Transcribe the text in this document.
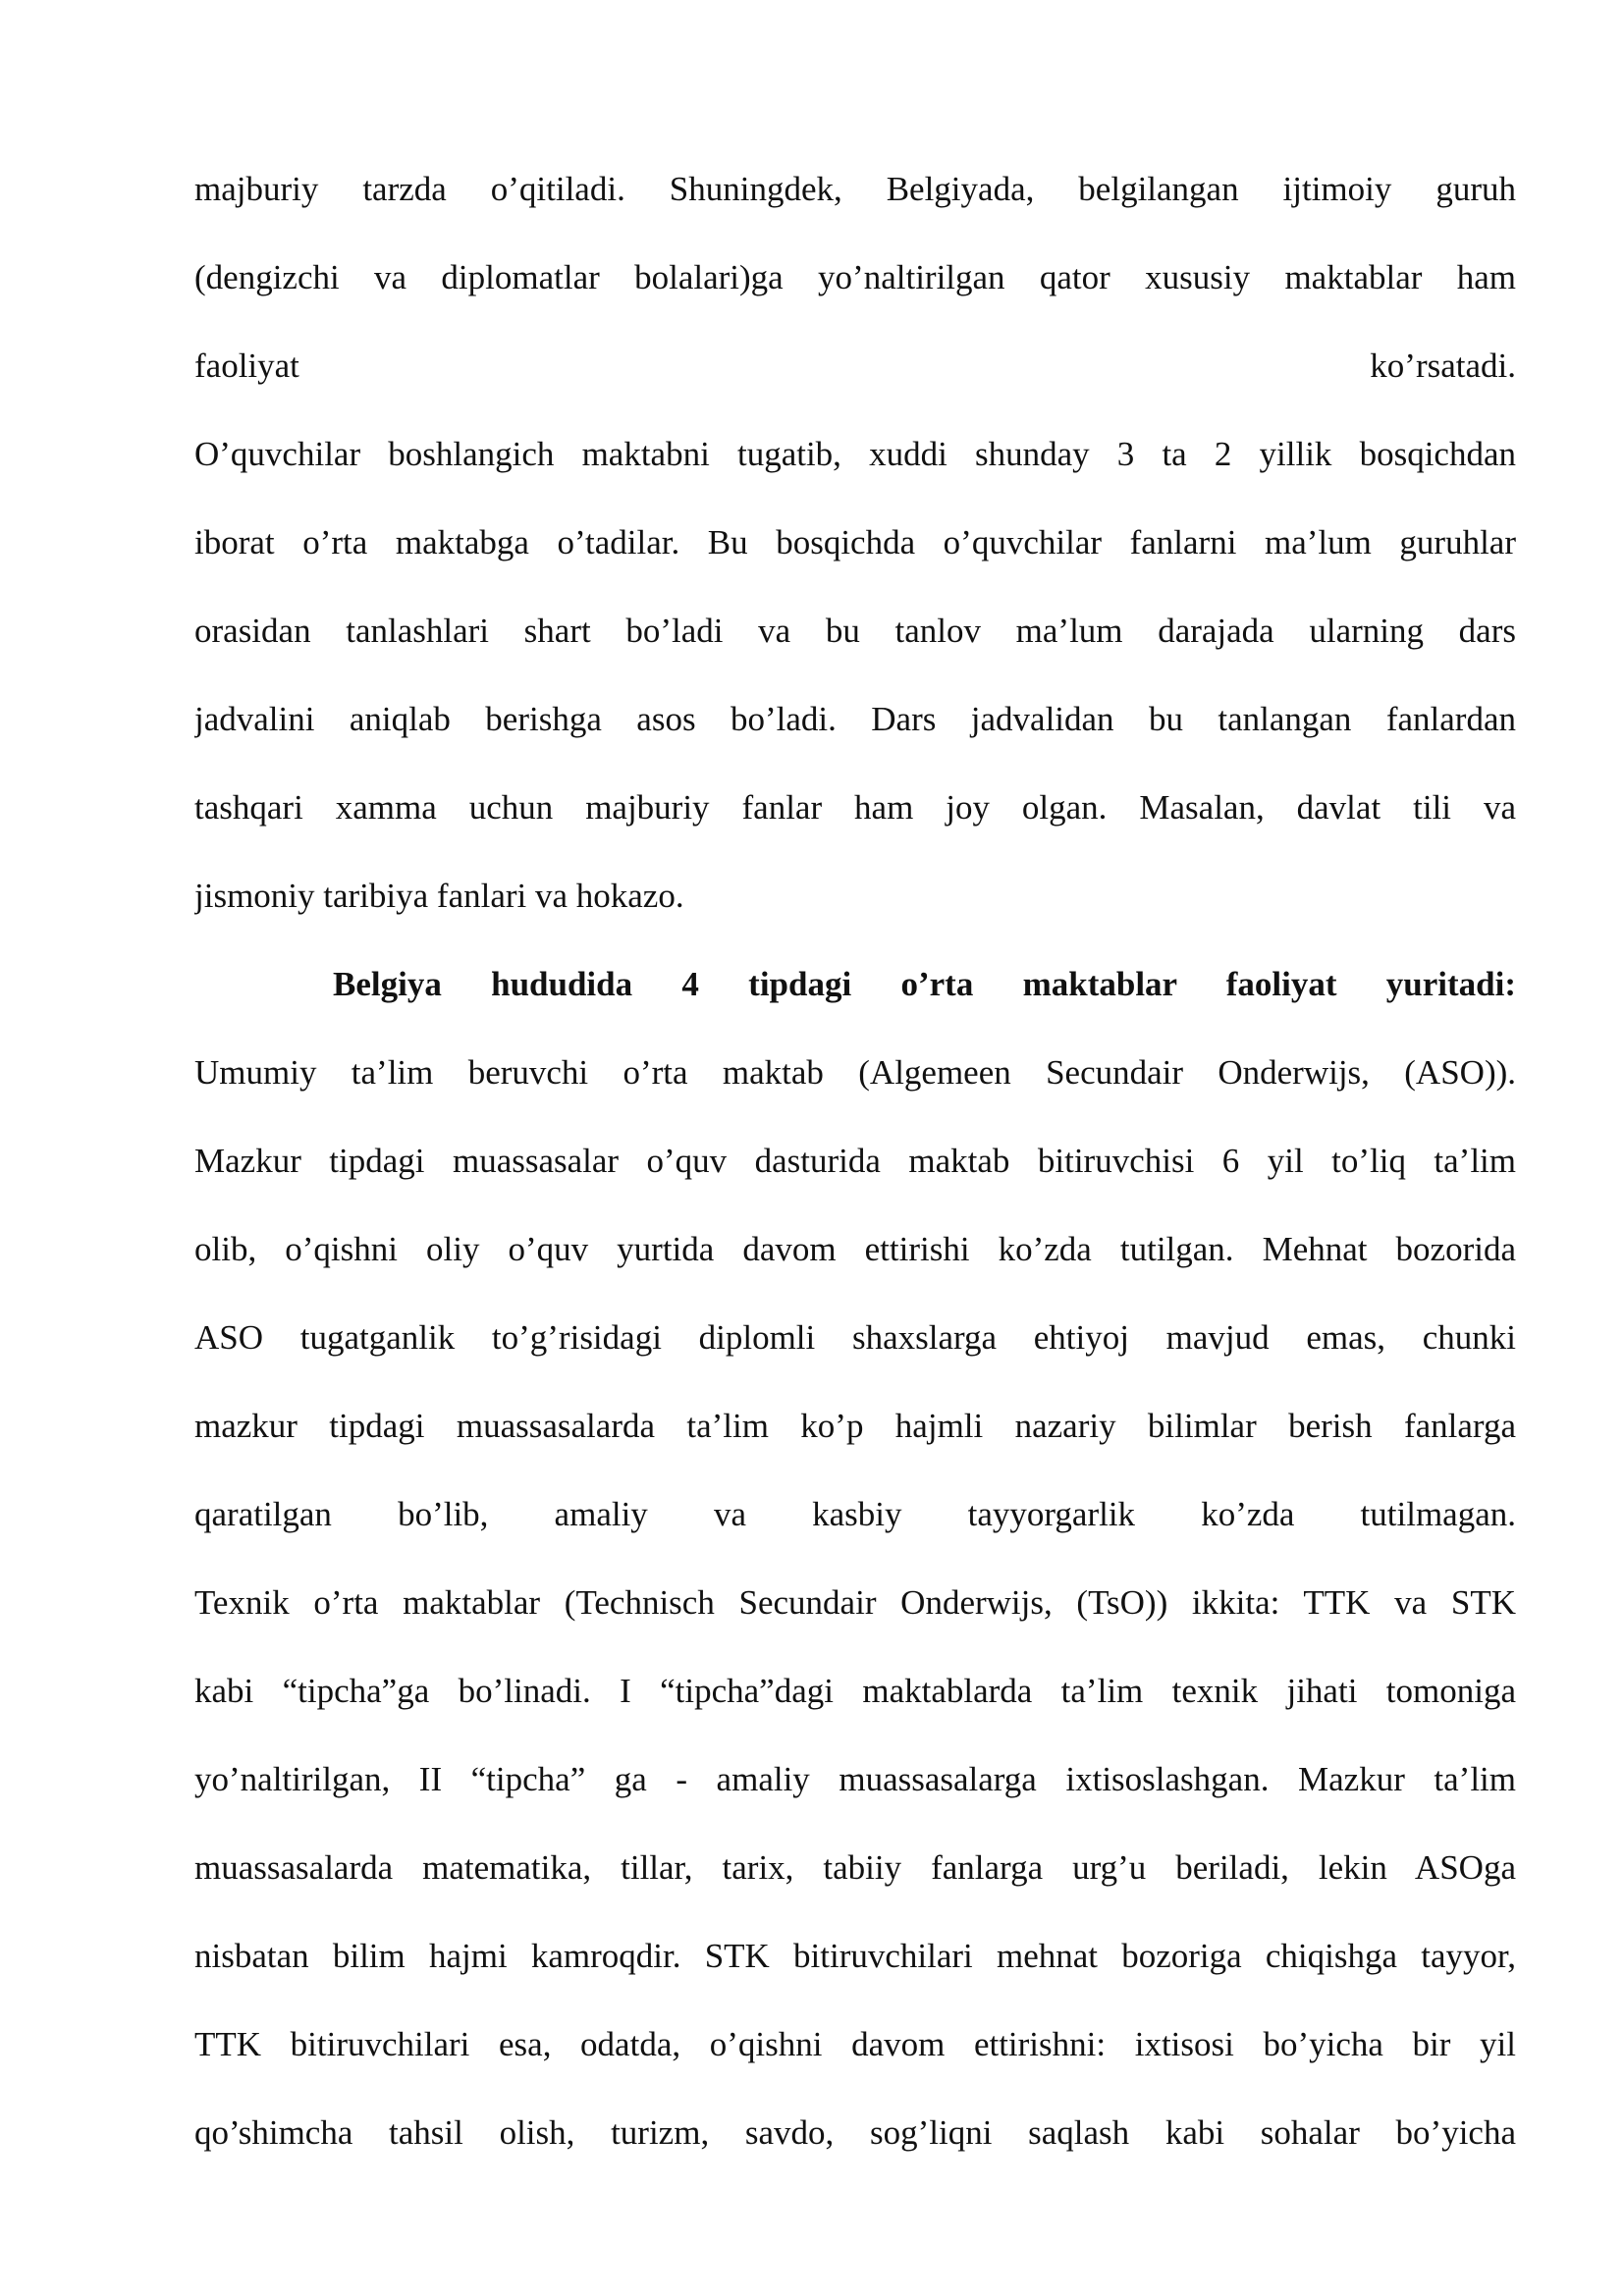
majburiy tarzda o’qitiladi. Shuningdek, Belgiyada, belgilangan ijtimoiy guruh
(dengizchi va diplomatlar bolalari)ga yo’naltirilgan qator xususiy maktablar ham
faoliyat ko’rsatadi.
O’quvchilar boshlangich maktabni tugatib, xuddi shunday 3 ta 2 yillik bosqichdan
iborat o’rta maktabga o’tadilar. Bu bosqichda o’quvchilar fanlarni ma’lum guruhlar
orasidan tanlashlari shart bo’ladi va bu tanlov ma’lum darajada ularning dars
jadvalini aniqlab berishga asos bo’ladi. Dars jadvalidan bu tanlangan fanlardan
tashqari xamma uchun majburiy fanlar ham joy olgan. Masalan, davlat tili va
jismoniy taribiya fanlari va hokazo.
Belgiya hududida 4 tipdagi o’rta maktablar faoliyat yuritadi:
Umumiy ta’lim beruvchi o’rta maktab (Algemeen Secundair Onderwijs, (ASO)).
Mazkur tipdagi muassasalar o’quv dasturida maktab bitiruvchisi 6 yil to’liq ta’lim
olib, o’qishni oliy o’quv yurtida davom ettirishi ko’zda tutilgan. Mehnat bozorida
ASO tugatganlik to’g’risidagi diplomli shaxslarga ehtiyoj mavjud emas, chunki
mazkur tipdagi muassasalarda ta’lim ko’p hajmli nazariy bilimlar berish fanlarga
qaratilgan bo’lib, amaliy va kasbiy tayyorgarlik ko’zda tutilmagan.
Texnik o’rta maktablar (Technisch Secundair Onderwijs, (TsO)) ikkita: TTK va STK
kabi “tipcha”ga bo’linadi. I “tipcha”dagi maktablarda ta’lim texnik jihati tomoniga
yo’naltirilgan, II “tipcha” ga - amaliy muassasalarga ixtisoslashgan. Mazkur ta’lim
muassasalarda matematika, tillar, tarix, tabiiy fanlarga urg’u beriladi, lekin ASOga
nisbatan bilim hajmi kamroqdir. STK bitiruvchilari mehnat bozoriga chiqishga tayyor,
TTK bitiruvchilari esa, odatda, o’qishni davom ettirishni: ixtisosi bo’yicha bir yil
qo’shimcha tahsil olish, turizm, savdo, sog’liqni saqlash kabi sohalar bo’yicha
